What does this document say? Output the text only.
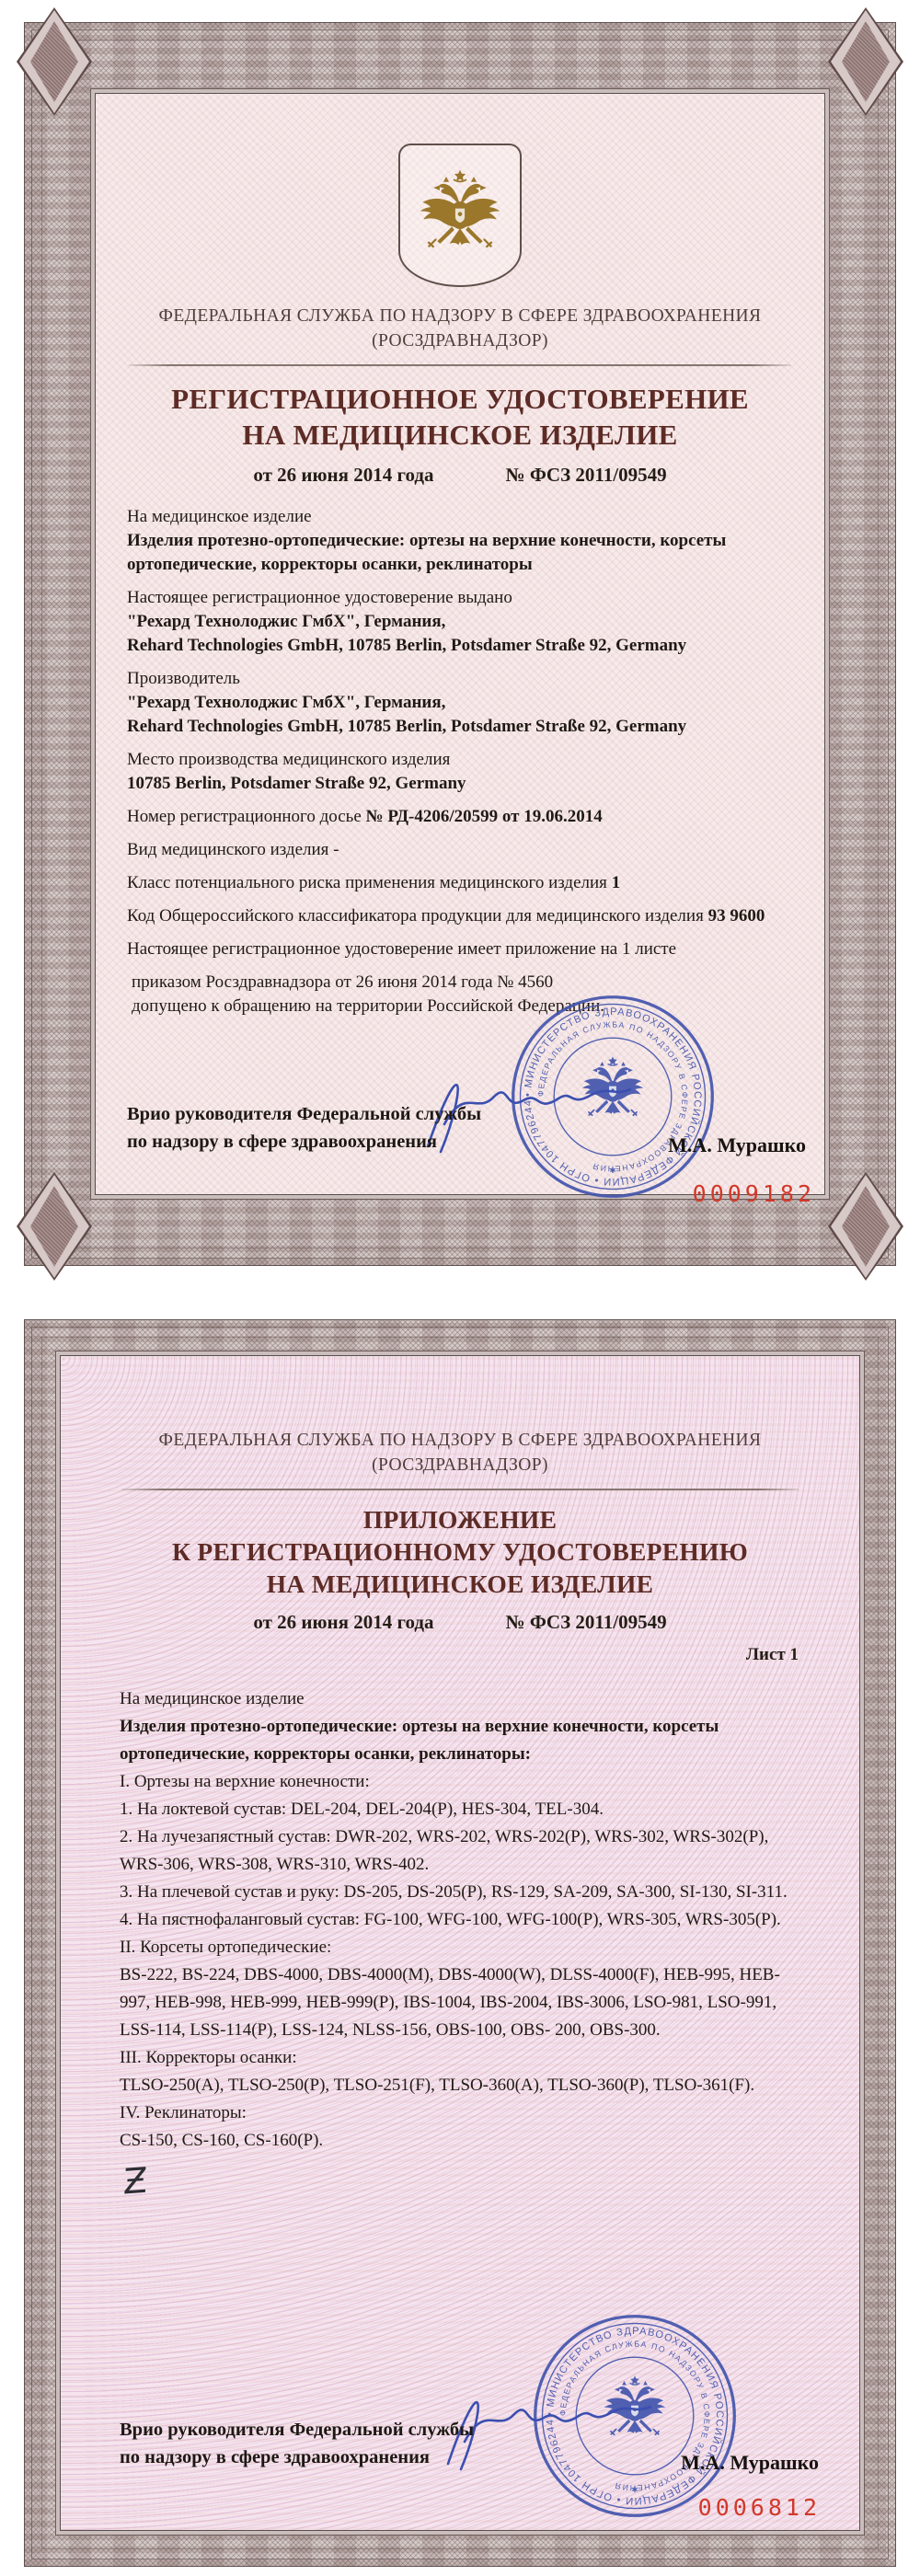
ФЕДЕРАЛЬНАЯ СЛУЖБА ПО НАДЗОРУ В СФЕРЕ ЗДРАВООХРАНЕНИЯ
(РОСЗДРАВНАДЗОР)
РЕГИСТРАЦИОННОЕ УДОСТОВЕРЕНИЕ
НА МЕДИЦИНСКОЕ ИЗДЕЛИЕ
от 26 июня 2014 года	№ ФСЗ 2011/09549
На медицинское изделие
Изделия протезно-ортопедические: ортезы на верхние конечности, корсеты ортопедические, корректоры осанки, реклинаторы
Настоящее регистрационное удостоверение выдано
"Рехард Технолоджис ГмбХ", Германия,
Rehard Technologies GmbH, 10785 Berlin, Potsdamer Straße 92, Germany
Производитель
"Рехард Технолоджис ГмбХ", Германия,
Rehard Technologies GmbH, 10785 Berlin, Potsdamer Straße 92, Germany
Место производства медицинского изделия
10785 Berlin, Potsdamer Straße 92, Germany
Номер регистрационного досье № РД-4206/20599 от 19.06.2014
Вид медицинского изделия -
Класс потенциального риска применения медицинского изделия 1
Код Общероссийского классификатора продукции для медицинского изделия 93 9600
Настоящее регистрационное удостоверение имеет приложение на 1 листе
приказом Росздравнадзора от 26 июня 2014 года № 4560
допущено к обращению на территории Российской Федерации.
Врио руководителя Федеральной службы
по надзору в сфере здравоохранения	М.А. Мурашко
0009182
ФЕДЕРАЛЬНАЯ СЛУЖБА ПО НАДЗОРУ В СФЕРЕ ЗДРАВООХРАНЕНИЯ
(РОСЗДРАВНАДЗОР)
ПРИЛОЖЕНИЕ
К РЕГИСТРАЦИОННОМУ УДОСТОВЕРЕНИЮ
НА МЕДИЦИНСКОЕ ИЗДЕЛИЕ
от 26 июня 2014 года	№ ФСЗ 2011/09549
Лист 1
На медицинское изделие
Изделия протезно-ортопедические: ортезы на верхние конечности, корсеты ортопедические, корректоры осанки, реклинаторы:
I. Ортезы на верхние конечности:
1. На локтевой сустав: DEL-204, DEL-204(P), HES-304, TEL-304.
2. На лучезапястный сустав: DWR-202, WRS-202, WRS-202(P), WRS-302, WRS-302(P), WRS-306, WRS-308, WRS-310, WRS-402.
3. На плечевой сустав и руку: DS-205, DS-205(P), RS-129, SA-209, SA-300, SI-130, SI-311.
4. На пястнофаланговый сустав: FG-100, WFG-100, WFG-100(P), WRS-305, WRS-305(P).
II. Корсеты ортопедические:
BS-222, BS-224, DBS-4000, DBS-4000(M), DBS-4000(W), DLSS-4000(F), HEB-995, HEB-997, HEB-998, HEB-999, HEB-999(P), IBS-1004, IBS-2004, IBS-3006, LSO-981, LSO-991, LSS-114, LSS-114(P), LSS-124, NLSS-156, OBS-100, OBS- 200, OBS-300.
III. Корректоры осанки:
TLSO-250(A), TLSO-250(P), TLSO-251(F), TLSO-360(A), TLSO-360(P), TLSO-361(F).
IV. Реклинаторы:
CS-150, CS-160, CS-160(P).
Ƶ
Врио руководителя Федеральной службы
по надзору в сфере здравоохранения	М.А. Мурашко
0006812
